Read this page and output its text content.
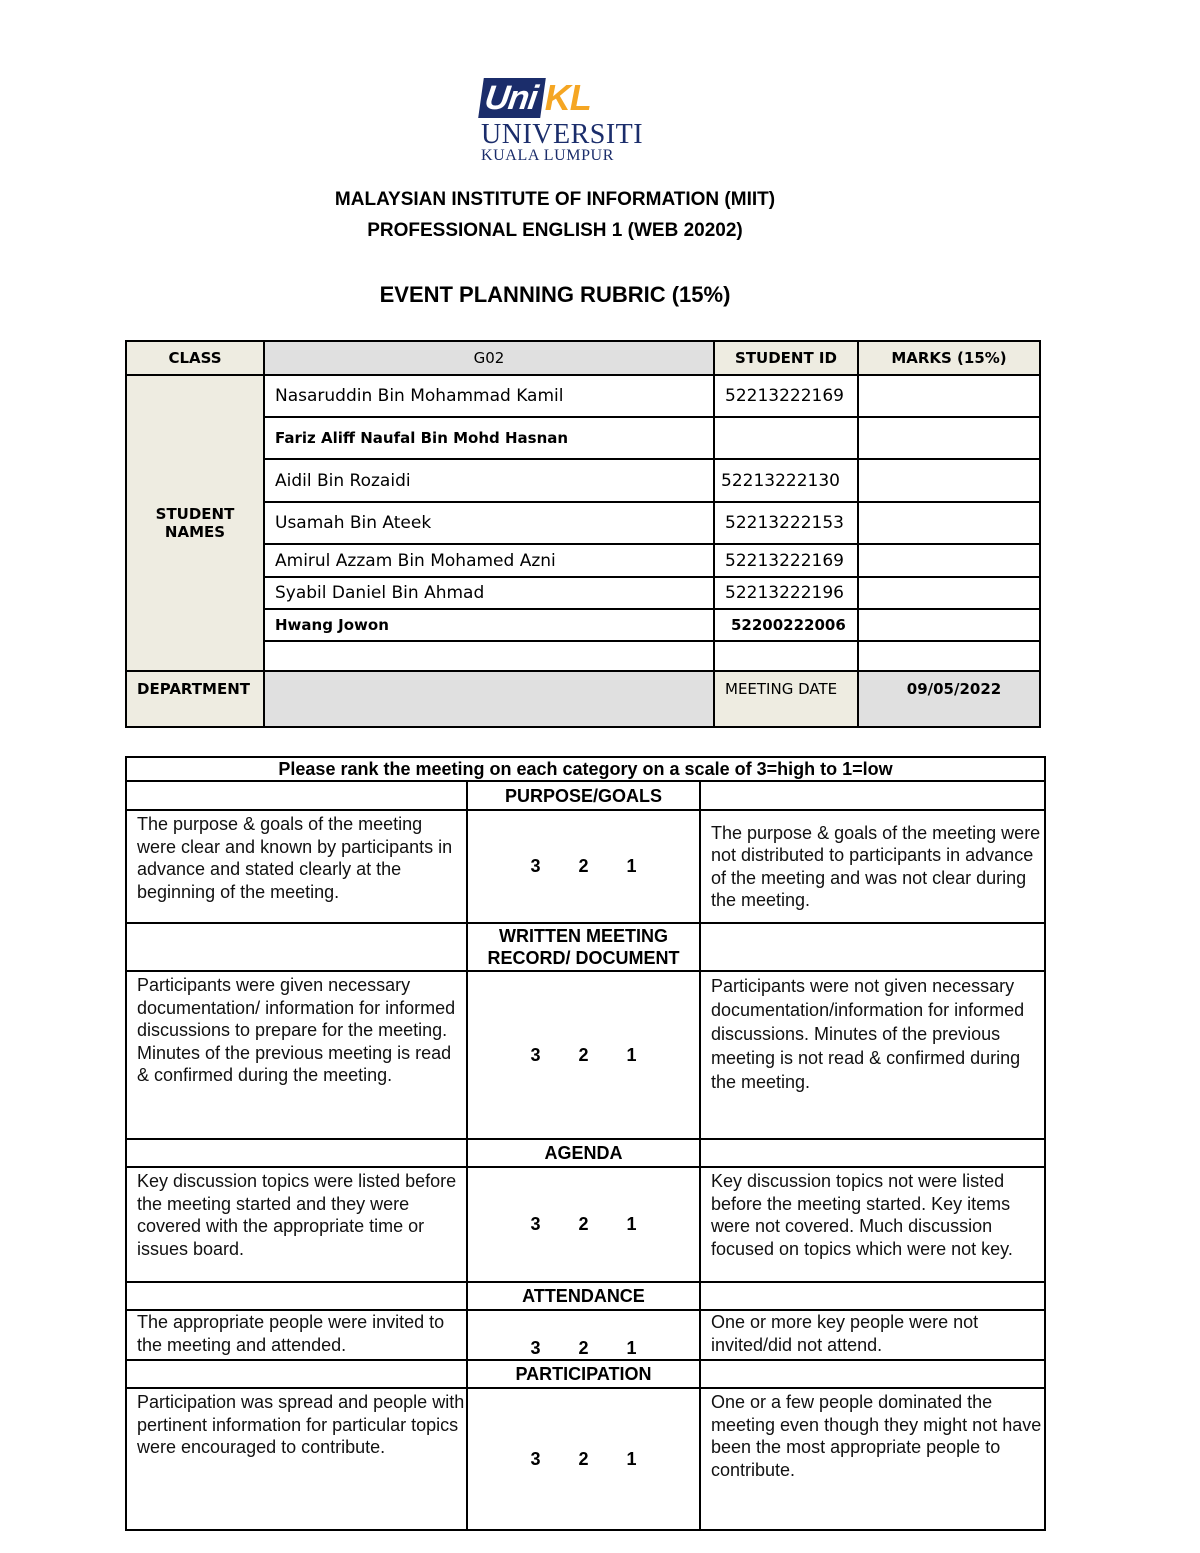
Uni KL
UNIVERSITI
KUALA LUMPUR
MALAYSIAN INSTITUTE OF INFORMATION (MIIT)
PROFESSIONAL ENGLISH 1 (WEB 20202)
EVENT PLANNING RUBRIC (15%)
CLASS	G02	STUDENT ID	MARKS (15%)
STUDENT NAMES	Nasaruddin Bin Mohammad Kamil	52213222169	
	Fariz Aliff Naufal Bin Mohd Hasnan		
	Aidil Bin Rozaidi	52213222130	
	Usamah Bin Ateek	52213222153	
	Amirul Azzam Bin Mohamed Azni	52213222169	
	Syabil Daniel Bin Ahmad	52213222196	
	Hwang Jowon	52200222006	

DEPARTMENT		MEETING DATE	09/05/2022
Please rank the meeting on each category on a scale of 3=high to 1=low		
	PURPOSE/GOALS	
The purpose & goals of the meeting were clear and known by participants in advance and stated clearly at the beginning of the meeting.	3 2 1	The purpose & goals of the meeting were not distributed to participants in advance of the meeting and was not clear during the meeting.
	WRITTEN MEETING RECORD/ DOCUMENT	
Participants were given necessary documentation/ information for informed discussions to prepare for the meeting. Minutes of the previous meeting is read & confirmed during the meeting.	3 2 1	Participants were not given necessary documentation/information for informed discussions. Minutes of the previous meeting is not read & confirmed during the meeting.
	AGENDA	
Key discussion topics were listed before the meeting started and they were covered with the appropriate time or issues board.	3 2 1	Key discussion topics not were listed before the meeting started. Key items were not covered. Much discussion focused on topics which were not key.
	ATTENDANCE	
The appropriate people were invited to the meeting and attended.	3 2 1	One or more key people were not invited/did not attend.
	PARTICIPATION	
Participation was spread and people with pertinent information for particular topics were encouraged to contribute.	3 2 1	One or a few people dominated the meeting even though they might not have been the most appropriate people to contribute.
